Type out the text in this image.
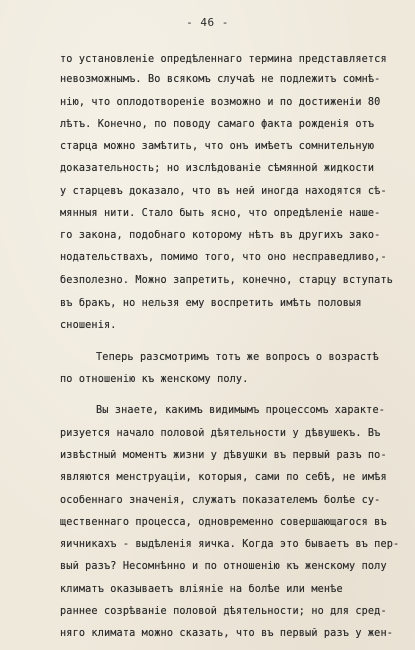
- 46 -
то установленіе опредѣленнаго термина представляется
невозможнымъ. Во всякомъ случаѣ не подлежитъ сомнѣ-
нію, что оплодотвореніе возможно и по достиженіи 80
лѣтъ. Конечно, по поводу самаго факта рожденія отъ
старца можно замѣтить, что онъ имѣетъ сомнительную
доказательность; но изслѣдованіе сѣмянной жидкости
у старцевъ доказало, что въ ней иногда находятся сѣ-
мянныя нити. Стало быть ясно, что опредѣленіе наше-
го закона, подобнаго которому нѣтъ въ другихъ зако-
нодательствахъ, помимо того, что оно несправедливо,-
безполезно. Можно запретить, конечно, старцу вступать
въ бракъ, но нельзя ему воспретить имѣть половыя
сношенія.
Теперь разсмотримъ тотъ же вопросъ о возрастѣ
по отношенію къ женскому полу.
Вы знаете, какимъ видимымъ процессомъ характе-
ризуется начало половой дѣятельности у дѣвушекъ. Въ
извѣстный моментъ жизни у дѣвушки въ первый разъ по-
являются менструаціи, которыя, сами по себѣ, не имѣя
особеннаго значенія, служатъ показателемъ болѣе су-
щественнаго процесса, одновременно совершающагося въ
яичникахъ - выдѣленія яичка. Когда это бываетъ въ пер-
вый разъ? Несомнѣнно и по отношенію къ женскому полу
климатъ оказываетъ вліяніе на болѣе или менѣе
раннее созрѣваніе половой дѣятельности; но для сред-
няго климата можно сказать, что въ первый разъ у жен-
